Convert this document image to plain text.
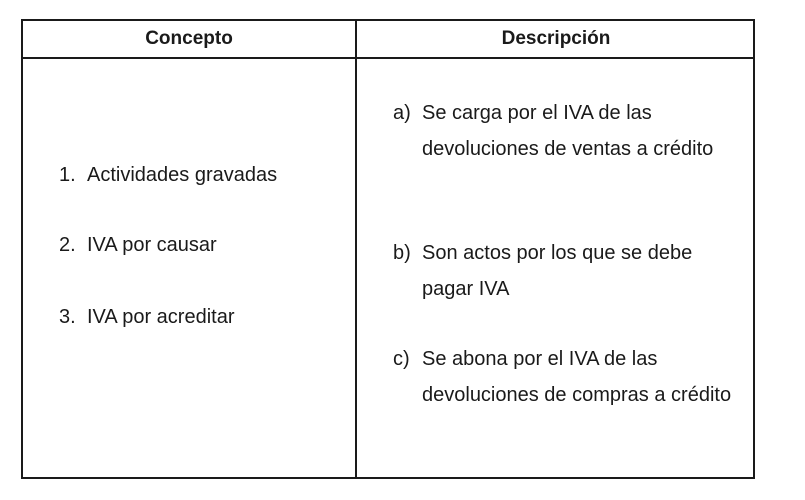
Concepto	Descripción
1. Actividades gravadas
2. IVA por causar
3. IVA por acreditar
a) Se carga por el IVA de las devoluciones de ventas a crédito
b) Son actos por los que se debe pagar IVA
c) Se abona por el IVA de las devoluciones de compras a crédito
